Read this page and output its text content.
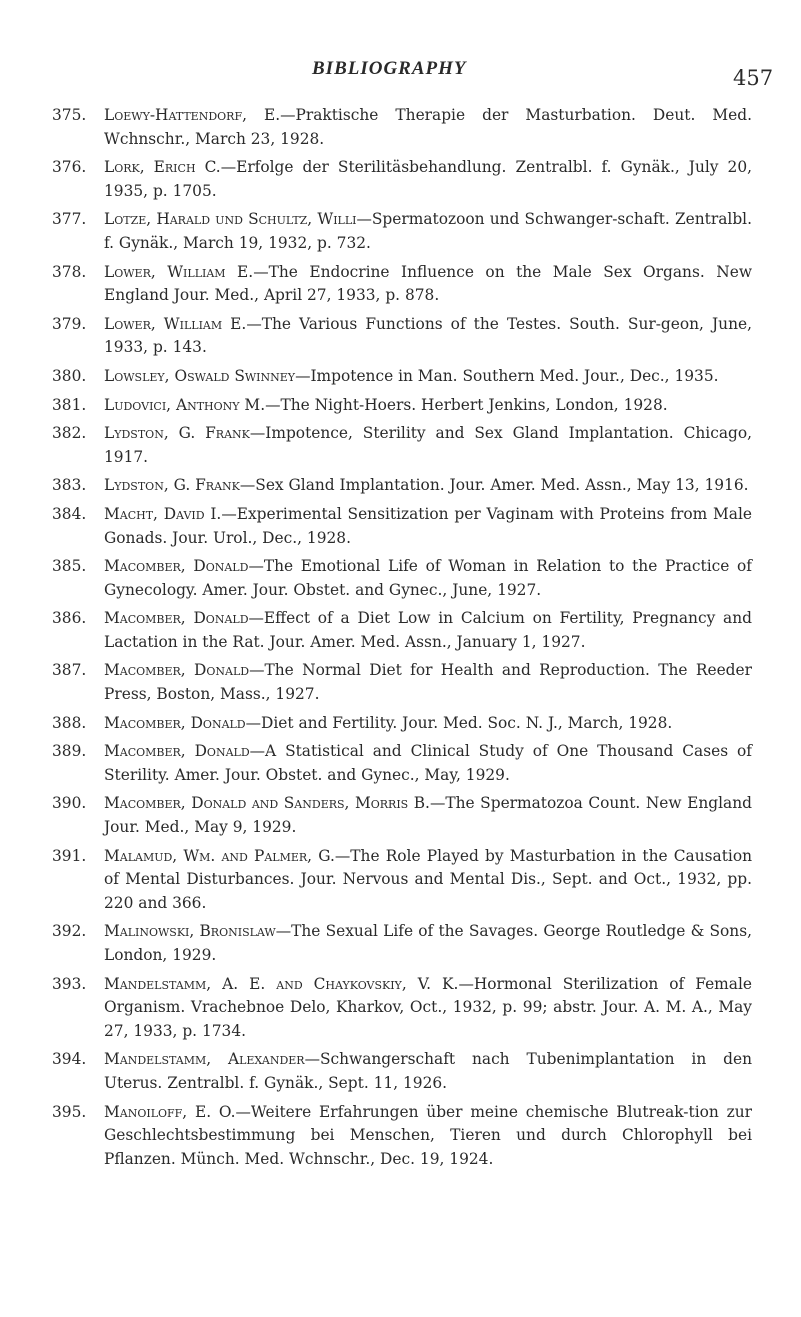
BIBLIOGRAPHY	457
375.	Loewy-Hattendorf, E.—Praktische Therapie der Masturbation. Deut. Med. Wchnschr., March 23, 1928.
376.	Lork, Erich C.—Erfolge der Sterilitäsbehandlung. Zentralbl. f. Gynäk., July 20, 1935, p. 1705.
377.	Lotze, Harald und Schultz, Willi—Spermatozoon und Schwanger-schaft. Zentralbl. f. Gynäk., March 19, 1932, p. 732.
378.	Lower, William E.—The Endocrine Influence on the Male Sex Organs. New England Jour. Med., April 27, 1933, p. 878.
379.	Lower, William E.—The Various Functions of the Testes. South. Sur-geon, June, 1933, p. 143.
380.	Lowsley, Oswald Swinney—Impotence in Man. Southern Med. Jour., Dec., 1935.
381.	Ludovici, Anthony M.—The Night-Hoers. Herbert Jenkins, London, 1928.
382.	Lydston, G. Frank—Impotence, Sterility and Sex Gland Implantation. Chicago, 1917.
383.	Lydston, G. Frank—Sex Gland Implantation. Jour. Amer. Med. Assn., May 13, 1916.
384.	Macht, David I.—Experimental Sensitization per Vaginam with Proteins from Male Gonads. Jour. Urol., Dec., 1928.
385.	Macomber, Donald—The Emotional Life of Woman in Relation to the Practice of Gynecology. Amer. Jour. Obstet. and Gynec., June, 1927.
386.	Macomber, Donald—Effect of a Diet Low in Calcium on Fertility, Pregnancy and Lactation in the Rat. Jour. Amer. Med. Assn., January 1, 1927.
387.	Macomber, Donald—The Normal Diet for Health and Reproduction. The Reeder Press, Boston, Mass., 1927.
388.	Macomber, Donald—Diet and Fertility. Jour. Med. Soc. N. J., March, 1928.
389.	Macomber, Donald—A Statistical and Clinical Study of One Thousand Cases of Sterility. Amer. Jour. Obstet. and Gynec., May, 1929.
390.	Macomber, Donald and Sanders, Morris B.—The Spermatozoa Count. New England Jour. Med., May 9, 1929.
391.	Malamud, Wm. and Palmer, G.—The Role Played by Masturbation in the Causation of Mental Disturbances. Jour. Nervous and Mental Dis., Sept. and Oct., 1932, pp. 220 and 366.
392.	Malinowski, Bronislaw—The Sexual Life of the Savages. George Routledge & Sons, London, 1929.
393.	Mandelstamm, A. E. and Chaykovskiy, V. K.—Hormonal Sterilization of Female Organism. Vrachebnoe Delo, Kharkov, Oct., 1932, p. 99; abstr. Jour. A. M. A., May 27, 1933, p. 1734.
394.	Mandelstamm, Alexander—Schwangerschaft nach Tubenimplantation in den Uterus. Zentralbl. f. Gynäk., Sept. 11, 1926.
395.	Manoiloff, E. O.—Weitere Erfahrungen über meine chemische Blutreak-tion zur Geschlechtsbestimmung bei Menschen, Tieren und durch Chlorophyll bei Pflanzen. Münch. Med. Wchnschr., Dec. 19, 1924.
